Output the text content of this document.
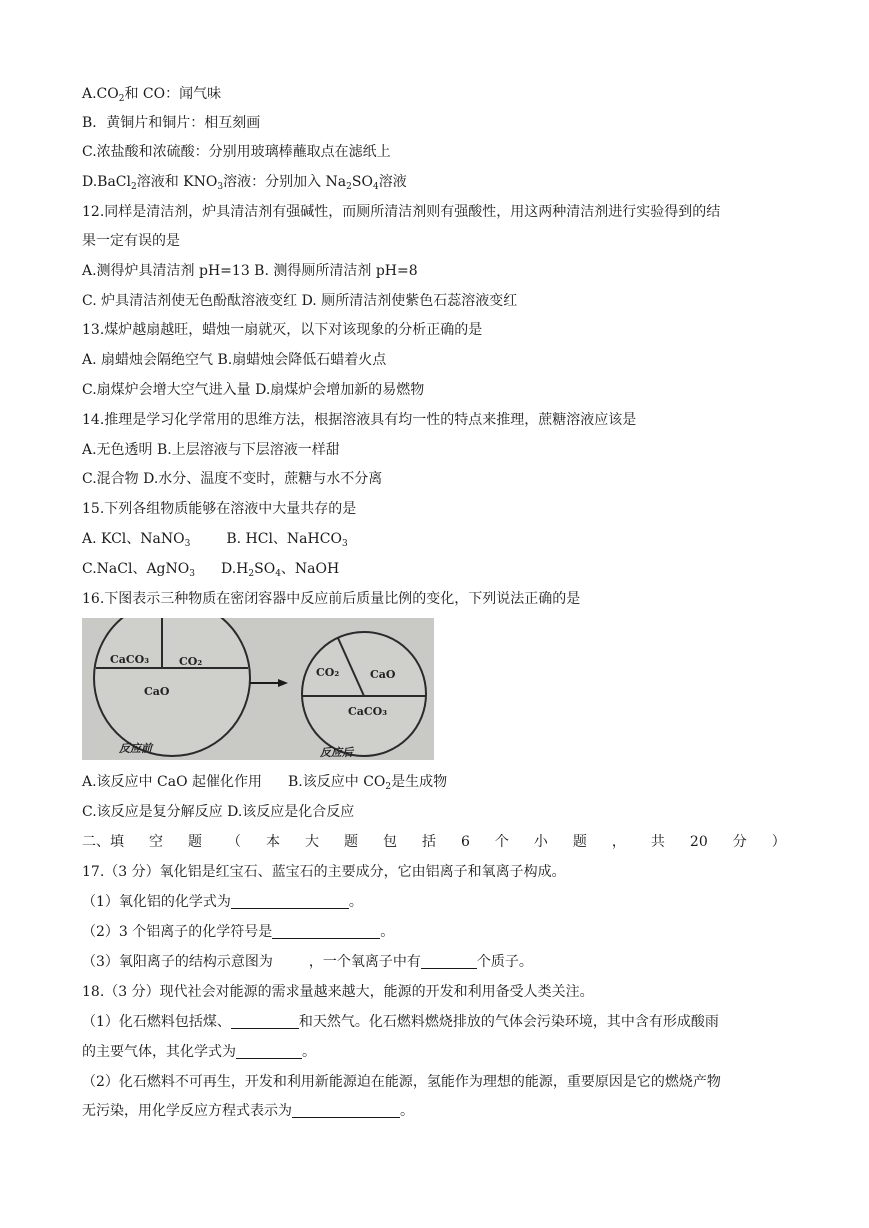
$A.CO_2$和 CO：闻气味
B．黄铜片和铜片：相互刻画
C.浓盐酸和浓硫酸：分别用玻璃棒蘸取点在滤纸上
D.BaCl$_2$溶液和 $KNO_3$溶液：分别加入 $Na_2SO_4$溶液
12.同样是清洁剂，炉具清洁剂有强碱性，而厕所清洁剂则有强酸性，用这两种清洁剂进行实验得到的结
果一定有误的是
A.测得炉具清洁剂 pH=13 B. 测得厕所清洁剂 pH=8
C. 炉具清洁剂使无色酚酞溶液变红 D. 厕所清洁剂使紫色石蕊溶液变红
13.煤炉越扇越旺，蜡烛一扇就灭，以下对该现象的分析正确的是
A. 扇蜡烛会隔绝空气 B.扇蜡烛会降低石蜡着火点
C.扇煤炉会增大空气进入量 D.扇煤炉会增加新的易燃物
14.推理是学习化学常用的思维方法，根据溶液具有均一性的特点来推理，蔗糖溶液应该是
A.无色透明 B.上层溶液与下层溶液一样甜
C.混合物 D.水分、温度不变时，蔗糖与水不分离
15.下列各组物质能够在溶液中大量共存的是
A. KCl、NaNO$_3$	B. HCl、NaHCO$_3$
C.NaCl、AgNO$_3$ $D.H_2SO_4$、NaOH
16.下图表示三种物质在密闭容器中反应前后质量比例的变化，下列说法正确的是
CaCO₃	CO₂
CaO
反应前
CO₂	CaO
CaCO₃
反应后
A.该反应中 CaO 起催化作用 B.该反应中 $CO_2$是生成物
C.该反应是复分解反应 D.该反应是化合反应
二、填 空 题 （ 本 大 题 包 括 6 个 小 题 ， 共 20 分 ）
17.（3 分）氧化铝是红宝石、蓝宝石的主要成分，它由铝离子和氧离子构成。
（1）氧化铝的化学式为	。
（2）3 个铝离子的化学符号是	。
（3）氧阳离子的结构示意图为	，一个氧离子中有	个质子。
18.（3 分）现代社会对能源的需求量越来越大，能源的开发和利用备受人类关注。
（1）化石燃料包括煤、	和天然气。化石燃料燃烧排放的气体会污染环境，其中含有形成酸雨
的主要气体，其化学式为	。
（2）化石燃料不可再生，开发和利用新能源迫在能源，氢能作为理想的能源，重要原因是它的燃烧产物
无污染，用化学反应方程式表示为	。
